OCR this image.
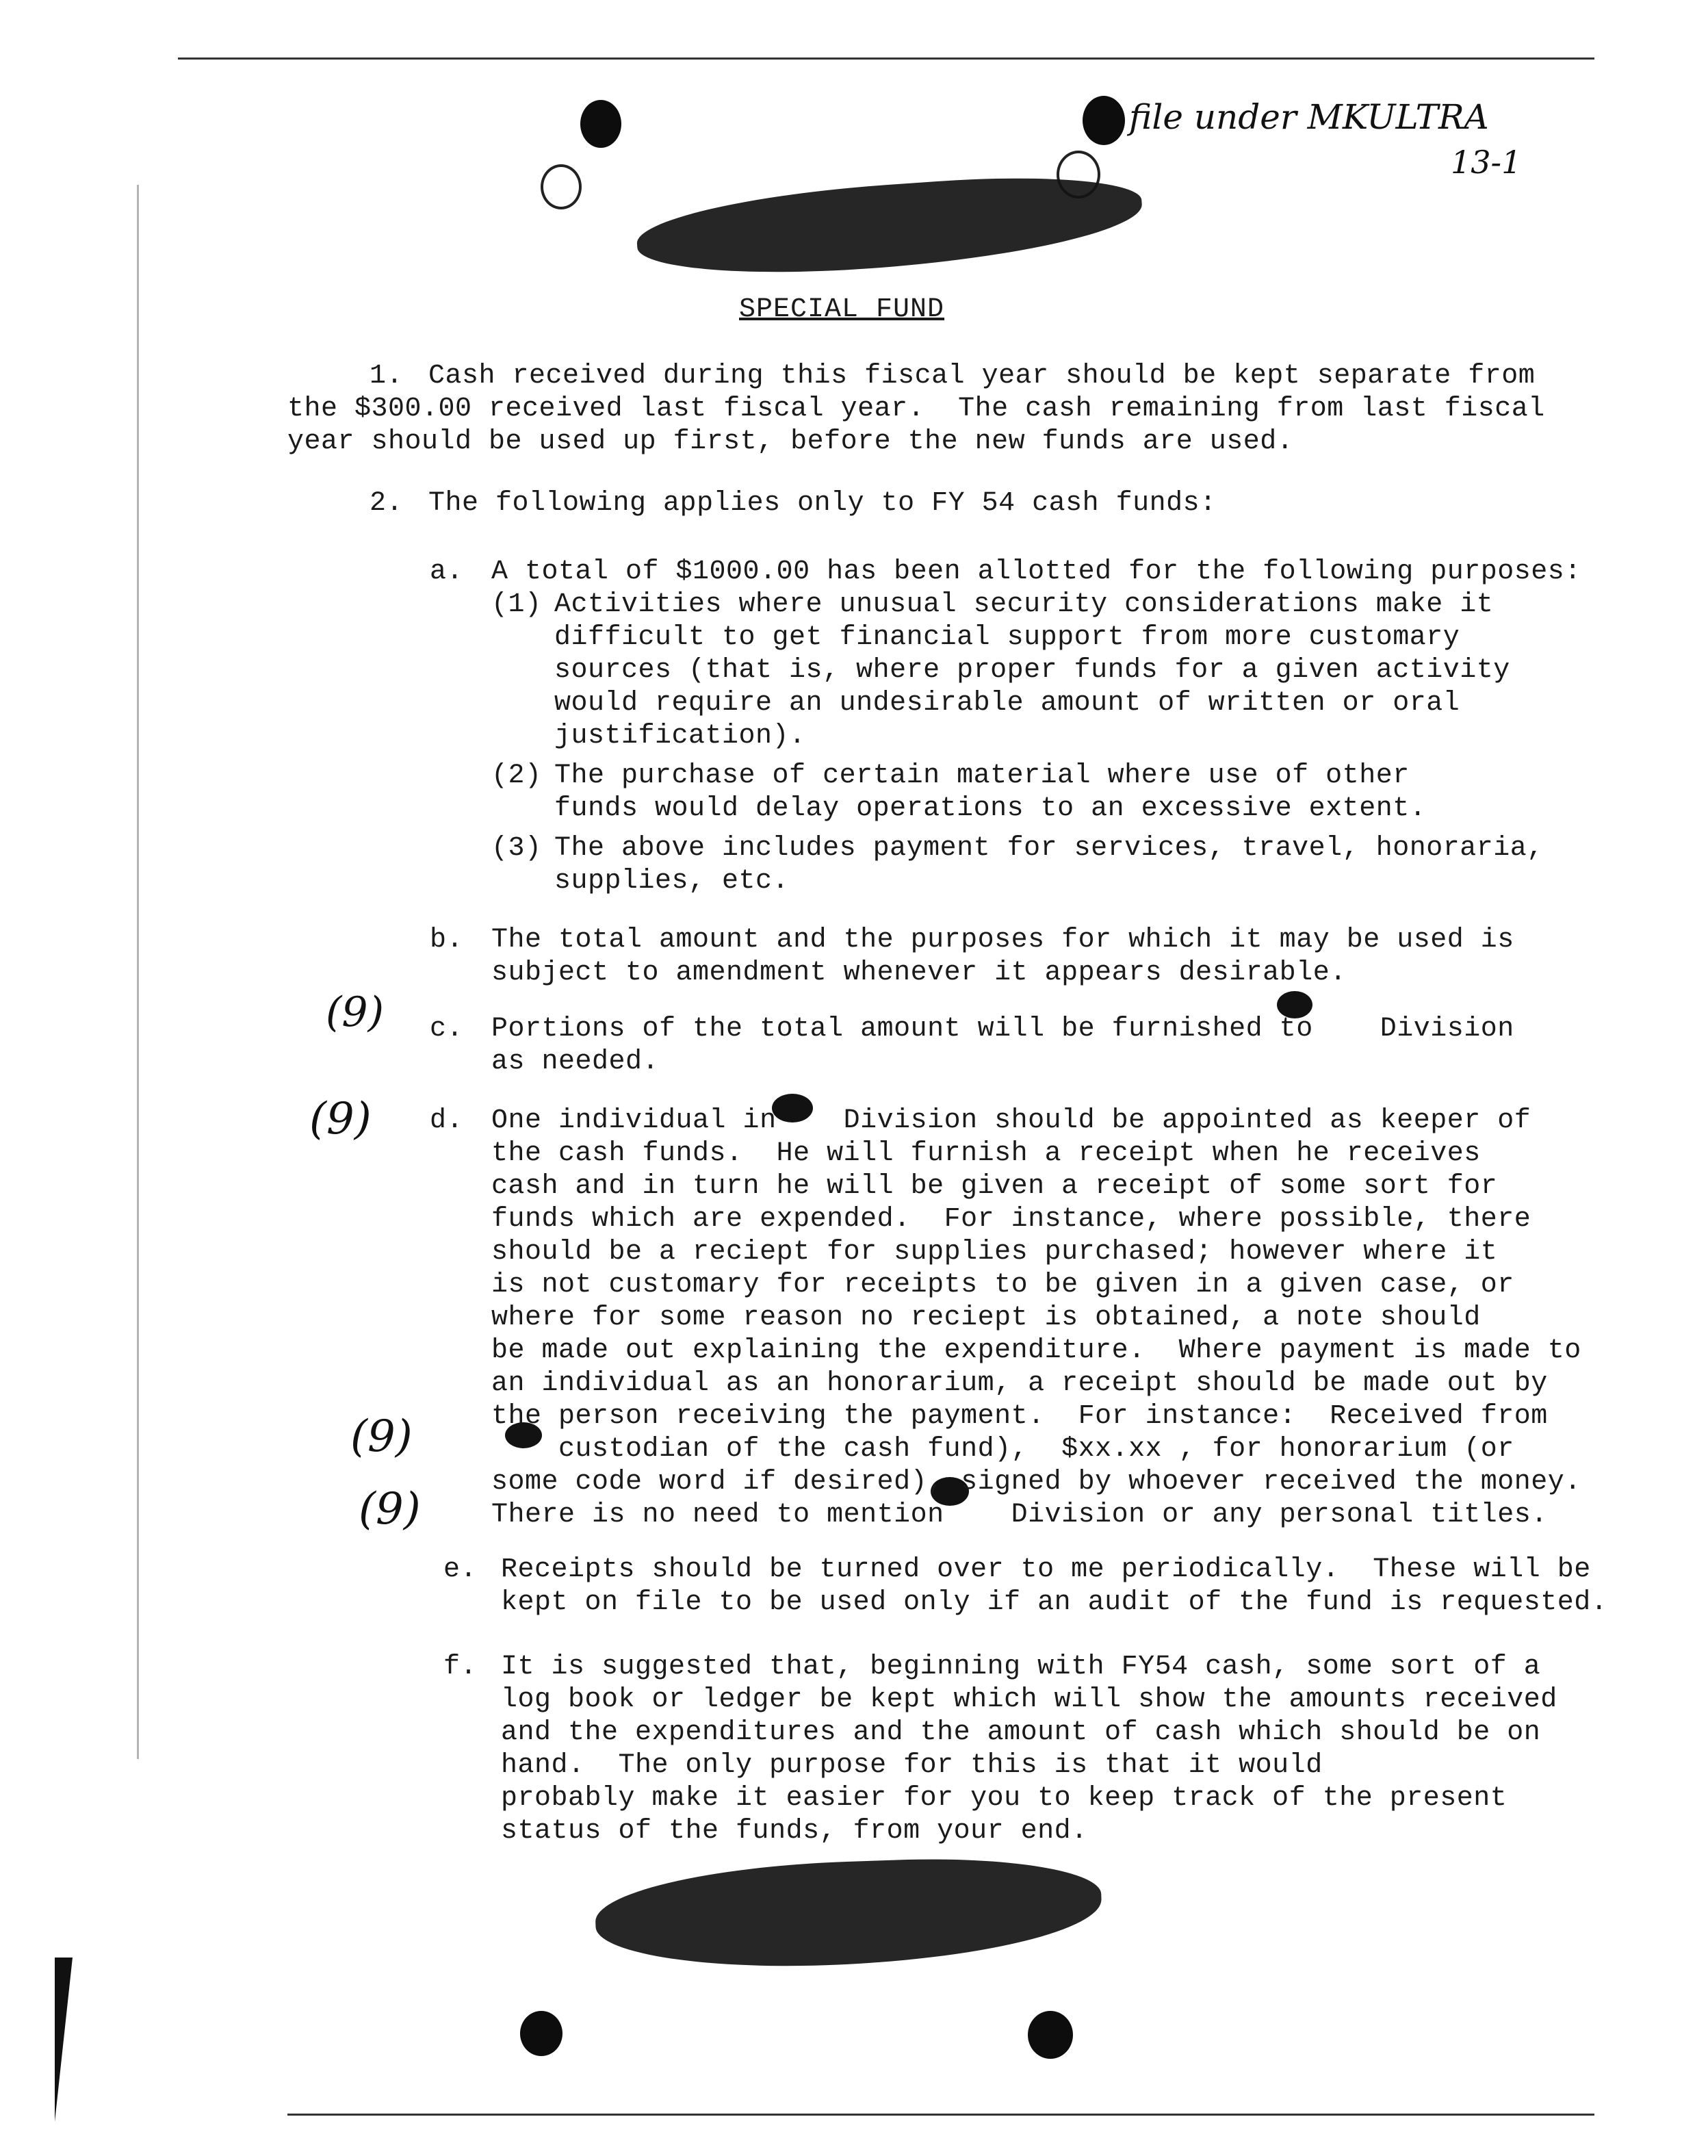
file under MKULTRA
13-1
SPECIAL FUND
(9)
(9)
(9)
(9)
1. Cash received during this fiscal year should be kept separate from
the $300.00 received last fiscal year.  The cash remaining from last fiscal
year should be used up first, before the new funds are used.
2. The following applies only to FY 54 cash funds:
a. A total of $1000.00 has been allotted for the following purposes:
(1) Activities where unusual security considerations make it
difficult to get financial support from more customary
sources (that is, where proper funds for a given activity
would require an undesirable amount of written or oral
justification).
(2) The purchase of certain material where use of other
funds would delay operations to an excessive extent.
(3) The above includes payment for services, travel, honoraria,
supplies, etc.
b. The total amount and the purposes for which it may be used is
subject to amendment whenever it appears desirable.
c. Portions of the total amount will be furnished to    Division
as needed.
d. One individual in    Division should be appointed as keeper of
the cash funds.  He will furnish a receipt when he receives
cash and in turn he will be given a receipt of some sort for
funds which are expended.  For instance, where possible, there
should be a reciept for supplies purchased; however where it
is not customary for receipts to be given in a given case, or
where for some reason no reciept is obtained, a note should
be made out explaining the expenditure.  Where payment is made to
an individual as an honorarium, a receipt should be made out by
the person receiving the payment.  For instance:  Received from
custodian of the cash fund),  $xx.xx , for honorarium (or
some code word if desired), signed by whoever received the money.
There is no need to mention    Division or any personal titles.
e. Receipts should be turned over to me periodically.  These will be
kept on file to be used only if an audit of the fund is requested.
f. It is suggested that, beginning with FY54 cash, some sort of a
log book or ledger be kept which will show the amounts received
and the expenditures and the amount of cash which should be on
hand.  The only purpose for this is that it would
probably make it easier for you to keep track of the present
status of the funds, from your end.
